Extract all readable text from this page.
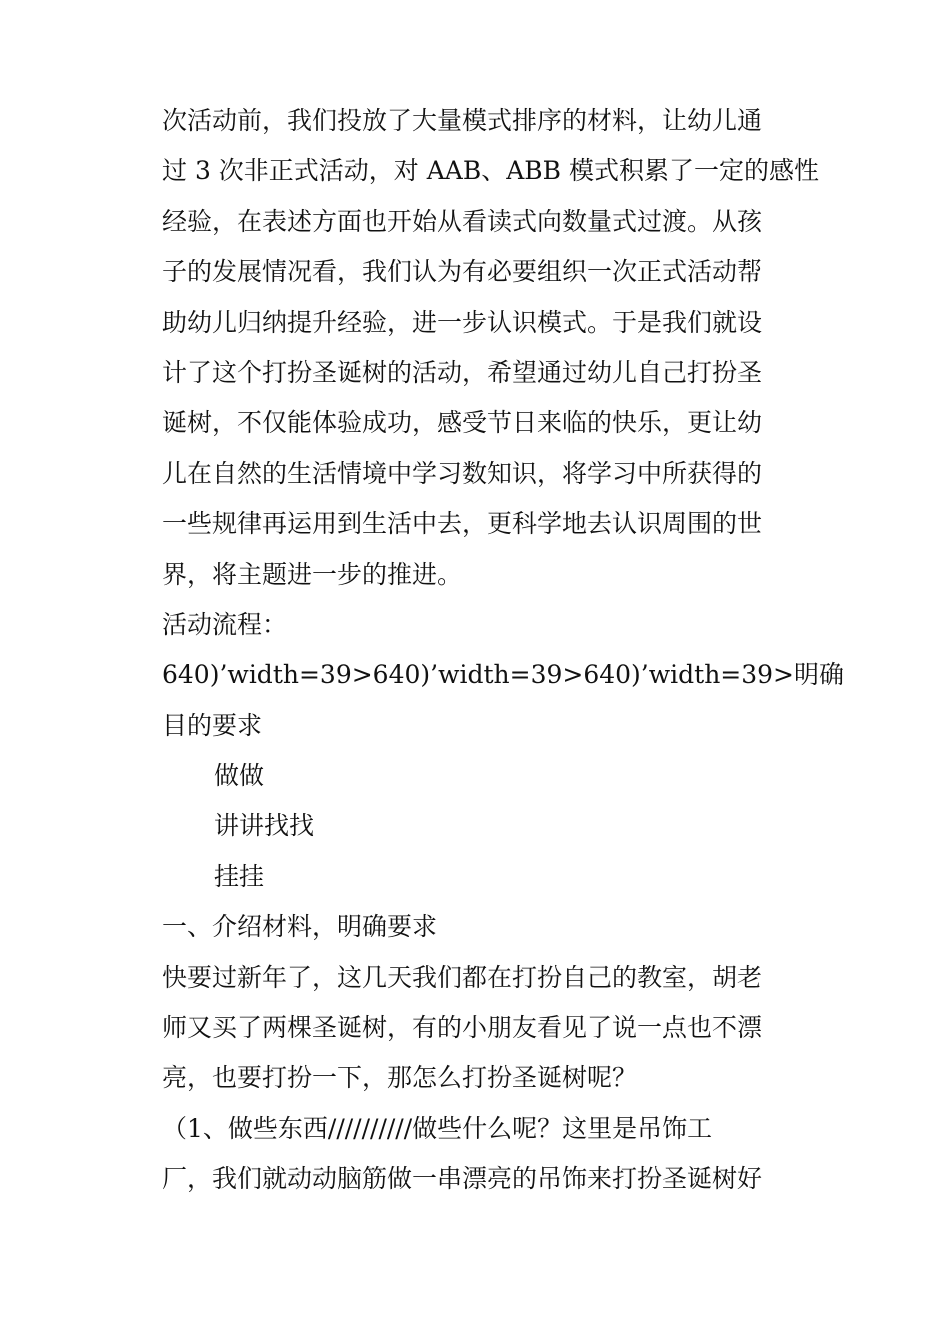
次活动前，我们投放了大量模式排序的材料，让幼儿通
过 3 次非正式活动，对 AAB、ABB 模式积累了一定的感性
经验，在表述方面也开始从看读式向数量式过渡。从孩
子的发展情况看，我们认为有必要组织一次正式活动帮
助幼儿归纳提升经验，进一步认识模式。于是我们就设
计了这个打扮圣诞树的活动，希望通过幼儿自己打扮圣
诞树，不仅能体验成功，感受节日来临的快乐，更让幼
儿在自然的生活情境中学习数知识，将学习中所获得的
一些规律再运用到生活中去，更科学地去认识周围的世
界，将主题进一步的推进。
活动流程：
640)’width=39>640)’width=39>640)’width=39>明确
目的要求
做做
讲讲找找
挂挂
一、介绍材料，明确要求
快要过新年了，这几天我们都在打扮自己的教室，胡老
师又买了两棵圣诞树，有的小朋友看见了说一点也不漂
亮，也要打扮一下，那怎么打扮圣诞树呢？
（1、做些东西//////////做些什么呢？这里是吊饰工
厂，我们就动动脑筋做一串漂亮的吊饰来打扮圣诞树好
